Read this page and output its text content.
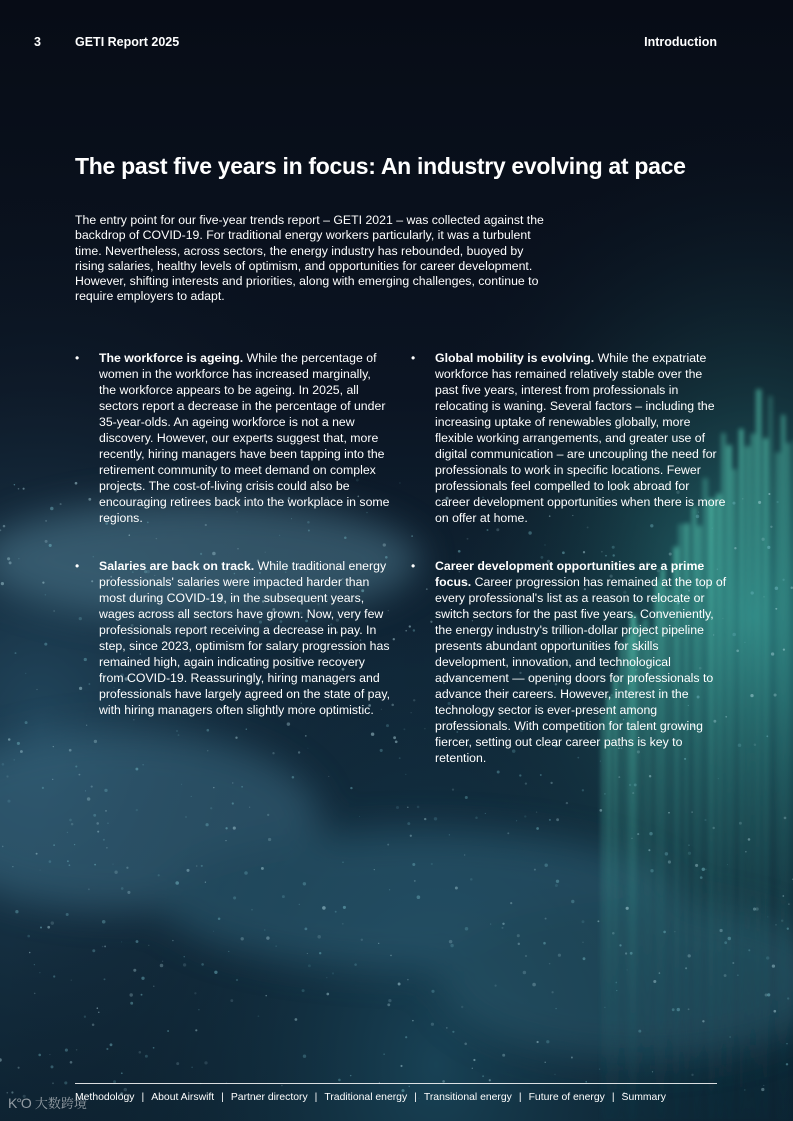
3	GETI Report 2025	Introduction
The past five years in focus: An industry evolving at pace

The entry point for our five-year trends report – GETI 2021 – was collected against the backdrop of COVID-19. For traditional energy workers particularly, it was a turbulent time. Nevertheless, across sectors, the energy industry has rebounded, buoyed by rising salaries, healthy levels of optimism, and opportunities for career development. However, shifting interests and priorities, along with emerging challenges, continue to require employers to adapt.

• The workforce is ageing. While the percentage of women in the workforce has increased marginally, the workforce appears to be ageing. In 2025, all sectors report a decrease in the percentage of under 35-year-olds. An ageing workforce is not a new discovery. However, our experts suggest that, more recently, hiring managers have been tapping into the retirement community to meet demand on complex projects. The cost-of-living crisis could also be encouraging retirees back into the workplace in some regions.
• Salaries are back on track. While traditional energy professionals' salaries were impacted harder than most during COVID-19, in the subsequent years, wages across all sectors have grown. Now, very few professionals report receiving a decrease in pay. In step, since 2023, optimism for salary progression has remained high, again indicating positive recovery from COVID-19. Reassuringly, hiring managers and professionals have largely agreed on the state of pay, with hiring managers often slightly more optimistic.
• Global mobility is evolving. While the expatriate workforce has remained relatively stable over the past five years, interest from professionals in relocating is waning. Several factors – including the increasing uptake of renewables globally, more flexible working arrangements, and greater use of digital communication – are uncoupling the need for professionals to work in specific locations. Fewer professionals feel compelled to look abroad for career development opportunities when there is more on offer at home.
• Career development opportunities are a prime focus. Career progression has remained at the top of every professional's list as a reason to relocate or switch sectors for the past five years. Conveniently, the energy industry's trillion-dollar project pipeline presents abundant opportunities for skills development, innovation, and technological advancement — opening doors for professionals to advance their careers. However, interest in the technology sector is ever-present among professionals. With competition for talent growing fiercer, setting out clear career paths is key to retention.
Methodology | About Airswift | Partner directory | Traditional energy | Transitional energy | Future of energy | Summary
K°O 大数跨境
